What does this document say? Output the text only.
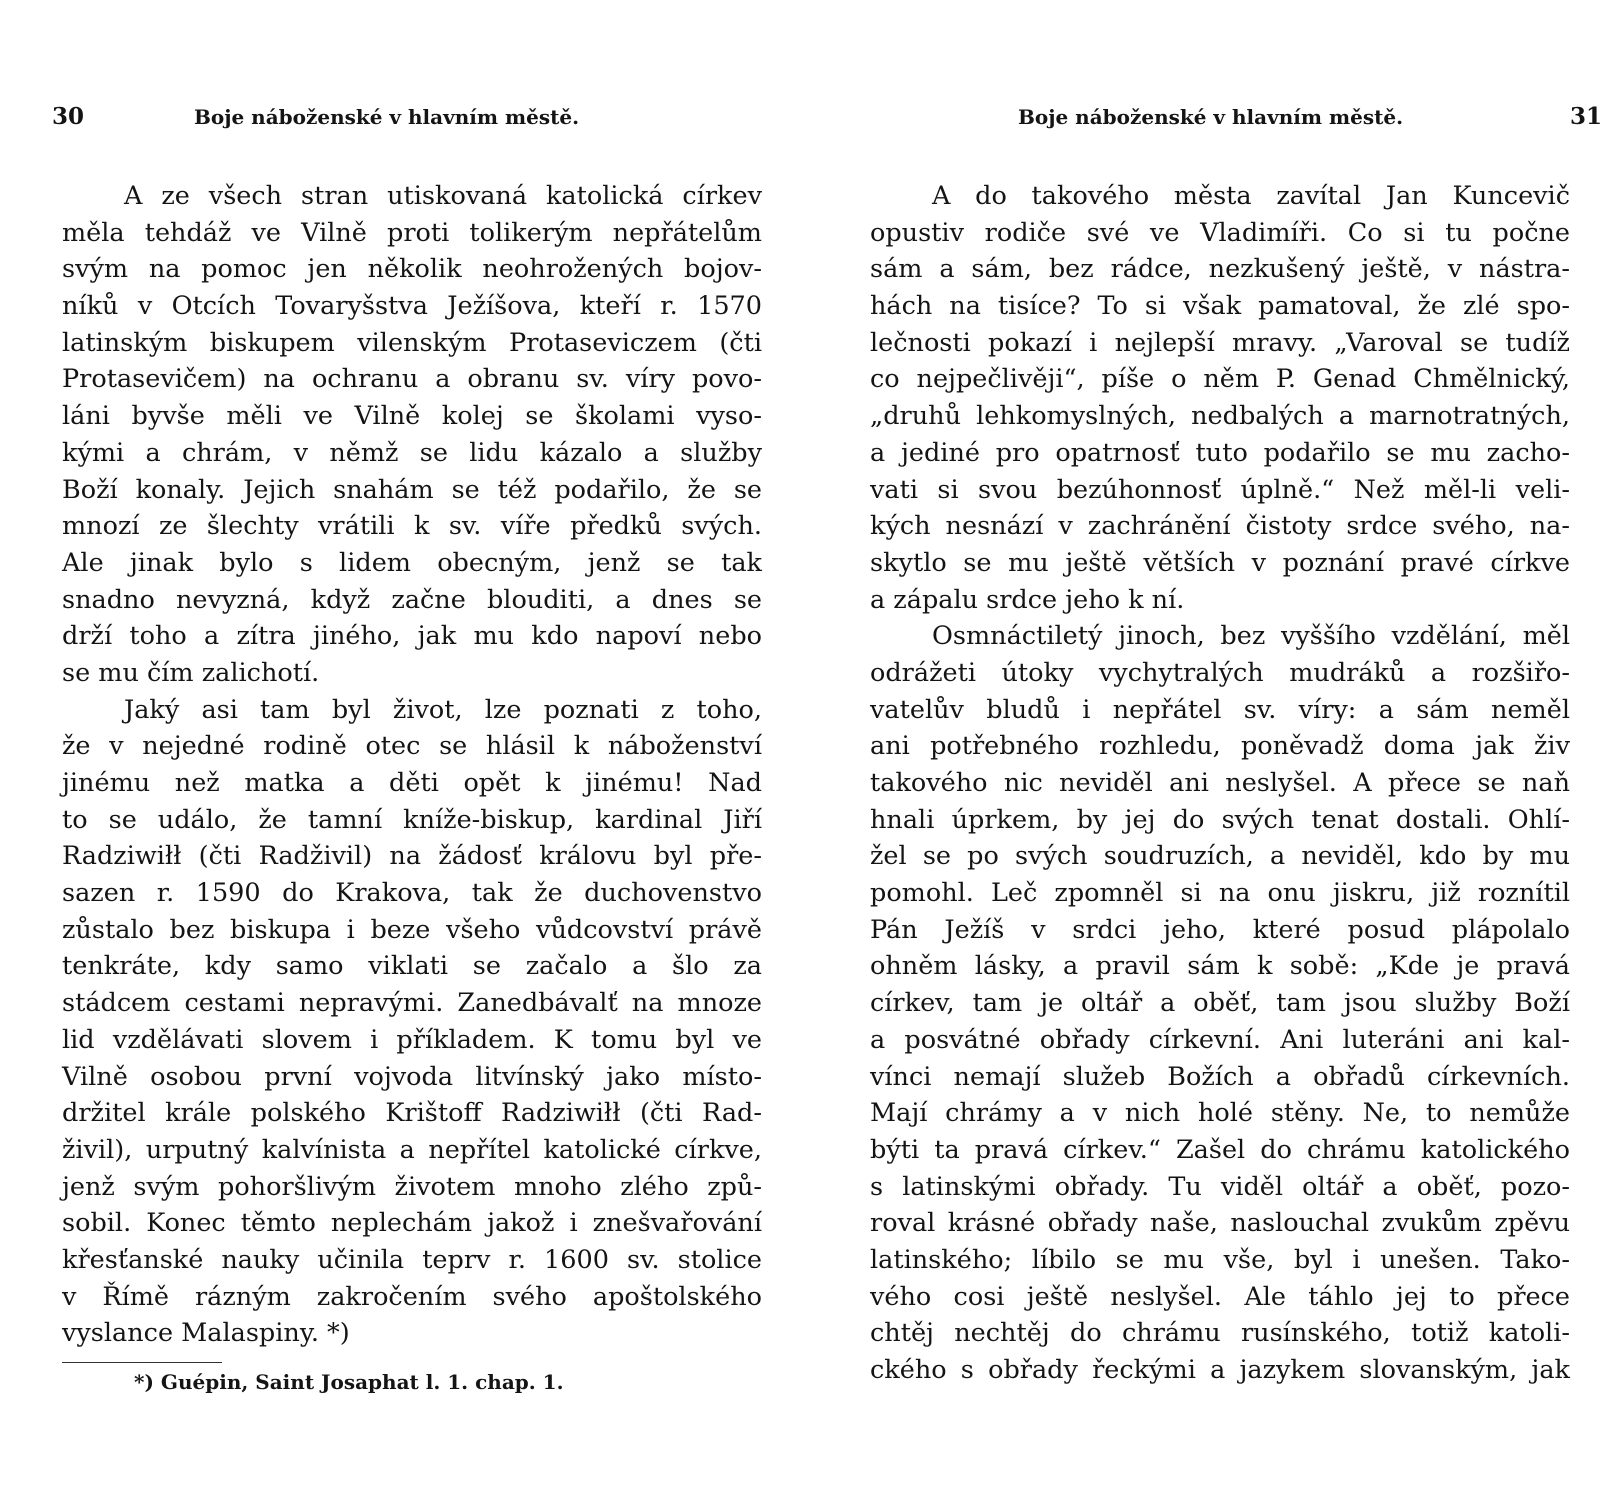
30	Boje náboženské v hlavním městě.
A ze všech stran utiskovaná katolická církev
měla tehdáž ve Vilně proti tolikerým nepřátelům
svým na pomoc jen několik neohrožených bojov-
níků v Otcích Tovaryšstva Ježíšova, kteří r. 1570
latinským biskupem vilenským Protaseviczem (čti
Protasevičem) na ochranu a obranu sv. víry povo-
láni byvše měli ve Vilně kolej se školami vyso-
kými a chrám, v němž se lidu kázalo a služby
Boží konaly. Jejich snahám se též podařilo, že se
mnozí ze šlechty vrátili k sv. víře předků svých.
Ale jinak bylo s lidem obecným, jenž se tak
snadno nevyzná, když začne blouditi, a dnes se
drží toho a zítra jiného, jak mu kdo napoví nebo
se mu čím zalichotí.
Jaký asi tam byl život, lze poznati z toho,
že v nejedné rodině otec se hlásil k náboženství
jinému než matka a děti opět k jinému! Nad
to se událo, že tamní kníže-biskup, kardinal Jiří
Radziwiłł (čti Radživil) na žádosť královu byl pře-
sazen r. 1590 do Krakova, tak že duchovenstvo
zůstalo bez biskupa i beze všeho vůdcovství právě
tenkráte, kdy samo viklati se začalo a šlo za
stádcem cestami nepravými. Zanedbávalť na mnoze
lid vzdělávati slovem i příkladem. K tomu byl ve
Vilně osobou první vojvoda litvínský jako místo-
držitel krále polského Krištoff Radziwiłł (čti Rad-
živil), urputný kalvínista a nepřítel katolické církve,
jenž svým pohoršlivým životem mnoho zlého způ-
sobil. Konec těmto neplechám jakož i znešvařování
křesťanské nauky učinila teprv r. 1600 sv. stolice
v Římě rázným zakročením svého apoštolského
vyslance Malaspiny. *)
*) Guépin, Saint Josaphat l. 1. chap. 1.
Boje náboženské v hlavním městě.	31
A do takového města zavítal Jan Kuncevič
opustiv rodiče své ve Vladimíři. Co si tu počne
sám a sám, bez rádce, nezkušený ještě, v nástra-
hách na tisíce? To si však pamatoval, že zlé spo-
lečnosti pokazí i nejlepší mravy. „Varoval se tudíž
co nejpečlivěji“, píše o něm P. Genad Chmělnický,
„druhů lehkomyslných, nedbalých a marnotratných,
a jediné pro opatrnosť tuto podařilo se mu zacho-
vati si svou bezúhonnosť úplně.“ Než měl-li veli-
kých nesnází v zachránění čistoty srdce svého, na-
skytlo se mu ještě větších v poznání pravé církve
a zápalu srdce jeho k ní.
Osmnáctiletý jinoch, bez vyššího vzdělání, měl
odrážeti útoky vychytralých mudráků a rozšiřo-
vatelův bludů i nepřátel sv. víry: a sám neměl
ani potřebného rozhledu, poněvadž doma jak živ
takového nic neviděl ani neslyšel. A přece se naň
hnali úprkem, by jej do svých tenat dostali. Ohlí-
žel se po svých soudruzích, a neviděl, kdo by mu
pomohl. Leč zpomněl si na onu jiskru, již roznítil
Pán Ježíš v srdci jeho, které posud plápolalo
ohněm lásky, a pravil sám k sobě: „Kde je pravá
církev, tam je oltář a oběť, tam jsou služby Boží
a posvátné obřady církevní. Ani luteráni ani kal-
vínci nemají služeb Božích a obřadů církevních.
Mají chrámy a v nich holé stěny. Ne, to nemůže
býti ta pravá církev.“ Zašel do chrámu katolického
s latinskými obřady. Tu viděl oltář a oběť, pozo-
roval krásné obřady naše, naslouchal zvukům zpěvu
latinského; líbilo se mu vše, byl i unešen. Tako-
vého cosi ještě neslyšel. Ale táhlo jej to přece
chtěj nechtěj do chrámu rusínského, totiž katoli-
ckého s obřady řeckými a jazykem slovanským, jak
